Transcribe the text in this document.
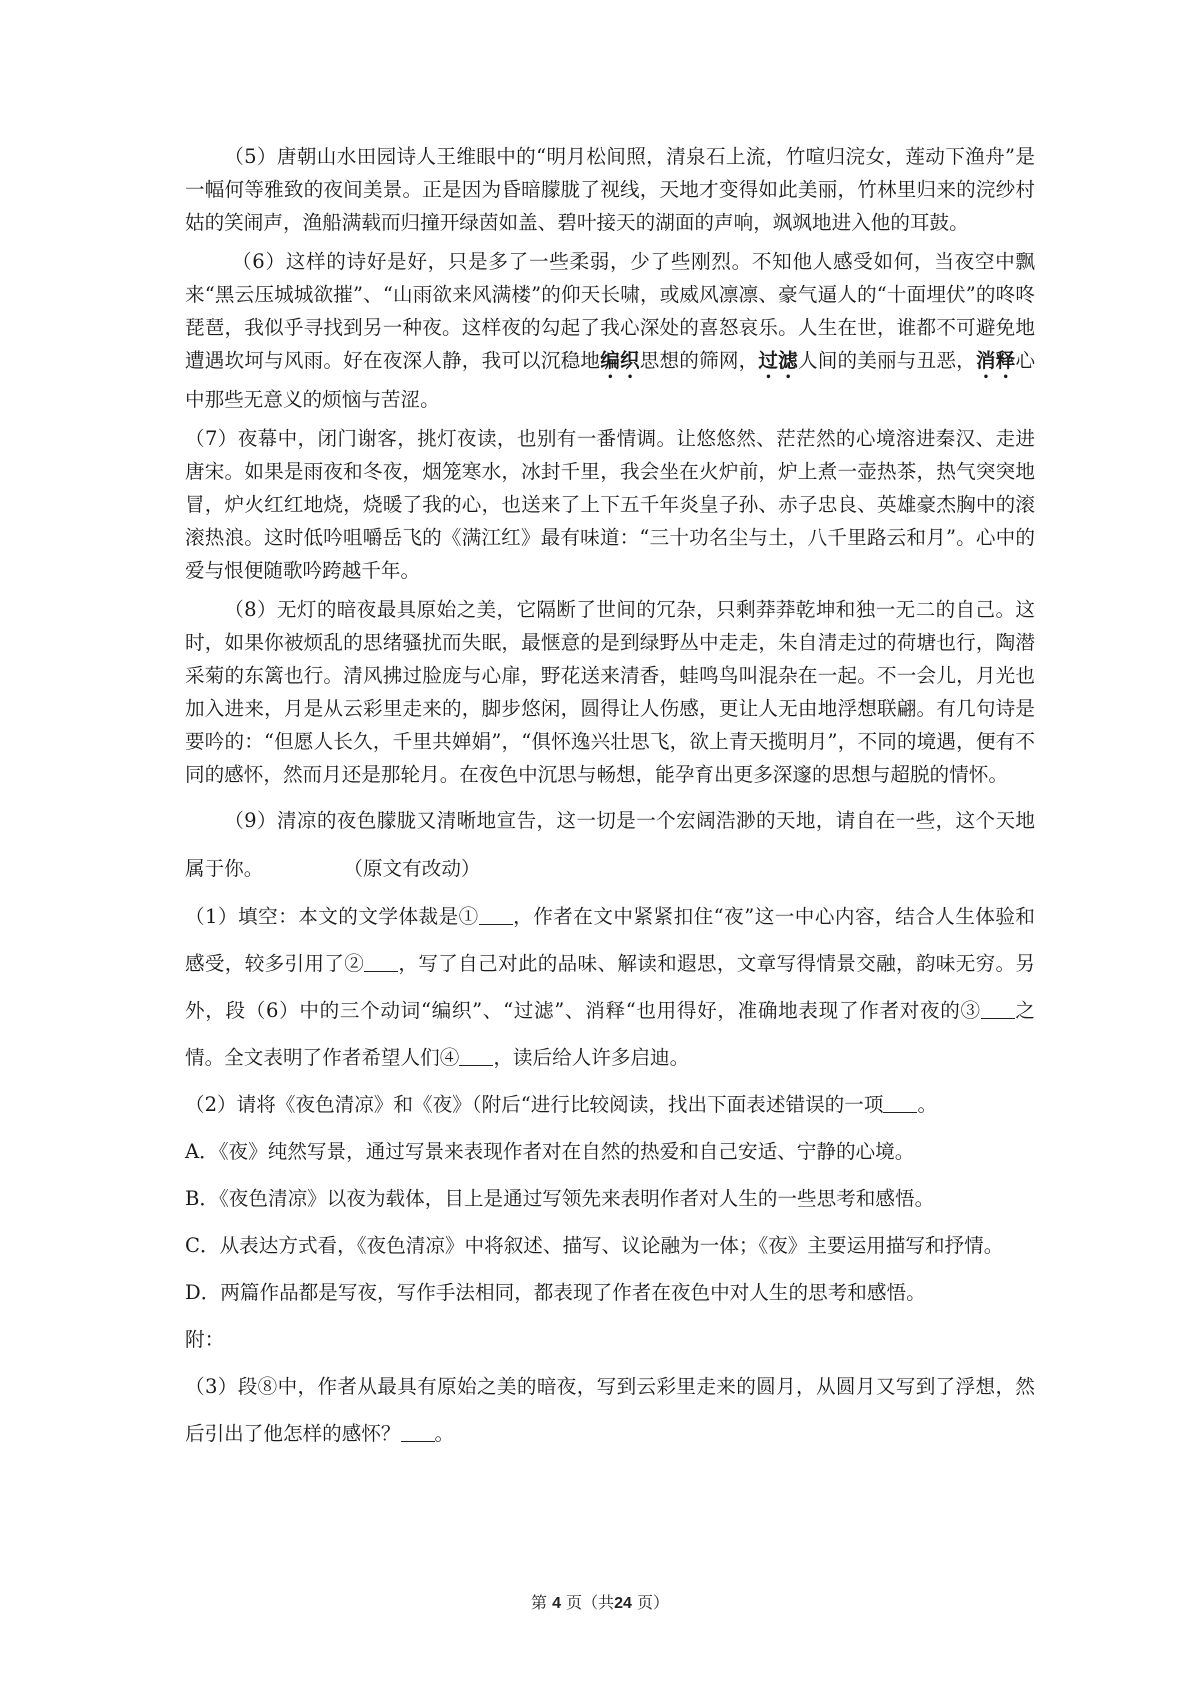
（5）唐朝山水田园诗人王维眼中的“明月松间照，清泉石上流，竹喧归浣女，莲动下渔舟”是一幅何等雅致的夜间美景。正是因为昏暗朦胧了视线，天地才变得如此美丽，竹林里归来的浣纱村姑的笑闹声，渔船满载而归撞开绿茵如盖、碧叶接天的湖面的声响，飒飒地进入他的耳鼓。

（6）这样的诗好是好，只是多了一些柔弱，少了些刚烈。不知他人感受如何，当夜空中飘来“黑云压城城欲摧”、“山雨欲来风满楼”的仰天长啸，或威风凛凛、豪气逼人的“十面埋伏”的咚咚琵琶，我似乎寻找到另一种夜。这样夜的勾起了我心深处的喜怒哀乐。人生在世，谁都不可避免地遭遇坎坷与风雨。好在夜深人静，我可以沉稳地编织思想的筛网，过滤人间的美丽与丑恶，消释心中那些无意义的烦恼与苦涩。

（7）夜幕中，闭门谢客，挑灯夜读，也别有一番情调。让悠悠然、茫茫然的心境溶进秦汉、走进唐宋。如果是雨夜和冬夜，烟笼寒水，冰封千里，我会坐在火炉前，炉上煮一壶热茶，热气突突地冒，炉火红红地烧，烧暖了我的心，也送来了上下五千年炎皇子孙、赤子忠良、英雄豪杰胸中的滚滚热浪。这时低吟咀嚼岳飞的《满江红》最有味道：“三十功名尘与土，八千里路云和月”。心中的爱与恨便随歌吟跨越千年。

（8）无灯的暗夜最具原始之美，它隔断了世间的冗杂，只剩莽莽乾坤和独一无二的自己。这时，如果你被烦乱的思绪骚扰而失眠，最惬意的是到绿野丛中走走，朱自清走过的荷塘也行，陶潜采菊的东篱也行。清风拂过脸庞与心扉，野花送来清香，蛙鸣鸟叫混杂在一起。不一会儿，月光也加入进来，月是从云彩里走来的，脚步悠闲，圆得让人伤感，更让人无由地浮想联翩。有几句诗是要吟的：“但愿人长久，千里共婵娟”，“俱怀逸兴壮思飞，欲上青天揽明月”，不同的境遇，便有不同的感怀，然而月还是那轮月。在夜色中沉思与畅想，能孕育出更多深邃的思想与超脱的情怀。

（9）清凉的夜色朦胧又清晰地宣告，这一切是一个宏阔浩渺的天地，请自在一些，这个天地属于你。	（原文有改动）

（1）填空：本文的文学体裁是① ，作者在文中紧紧扣住“夜”这一中心内容，结合人生体验和感受，较多引用了② ，写了自己对此的品味、解读和遐思，文章写得情景交融，韵味无穷。另外，段（6）中的三个动词“编织”、“过滤”、消释“也用得好，准确地表现了作者对夜的③ 之情。全文表明了作者希望人们④ ，读后给人许多启迪。

（2）请将《夜色清凉》和《夜》（附后“进行比较阅读，找出下面表述错误的一项 。

A．《夜》纯然写景，通过写景来表现作者对在自然的热爱和自己安适、宁静的心境。

B．《夜色清凉》以夜为载体，目上是通过写领先来表明作者对人生的一些思考和感悟。

C．从表达方式看，《夜色清凉》中将叙述、描写、议论融为一体；《夜》主要运用描写和抒情。

D．两篇作品都是写夜，写作手法相同，都表现了作者在夜色中对人生的思考和感悟。

附：

（3）段⑧中，作者从最具有原始之美的暗夜，写到云彩里走来的圆月，从圆月又写到了浮想，然后引出了他怎样的感怀？ 。

第 4 页（共24 页）
